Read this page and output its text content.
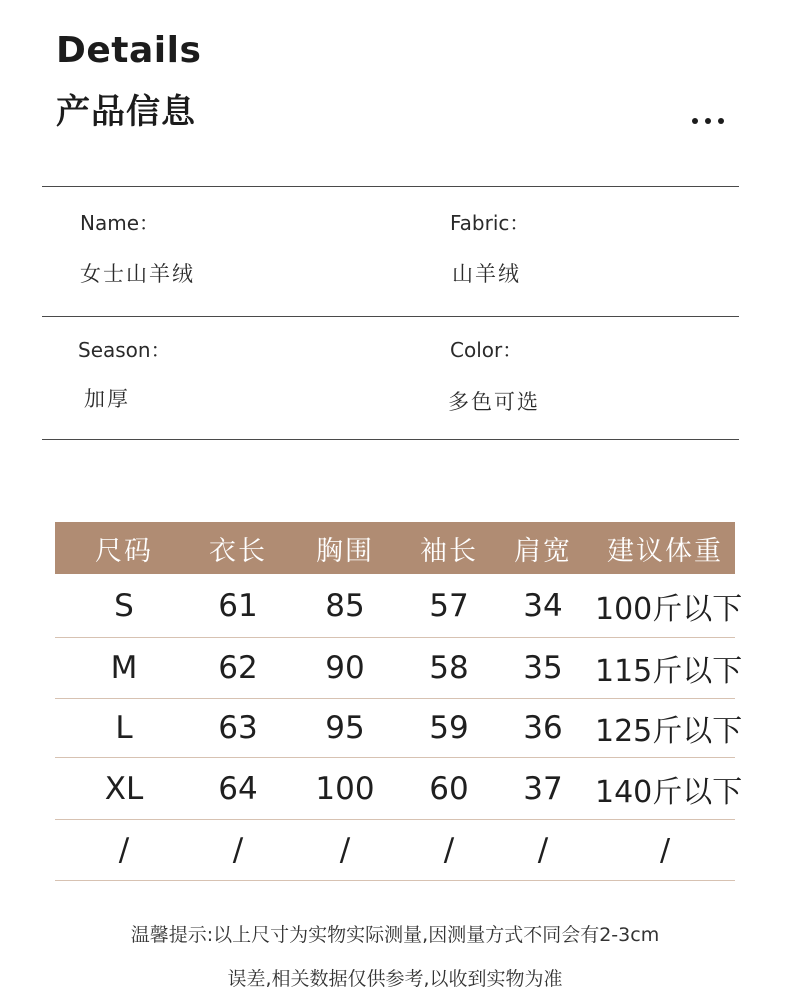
Details
产品信息
Name：
女士山羊绒
Fabric：
山羊绒
Season：
加厚
Color：
多色可选
尺码	衣长	胸围	袖长	肩宽	建议体重
S	61	85	57	34	100斤以下
M	62	90	58	35	115斤以下
L	63	95	59	36	125斤以下
XL	64	100	60	37	140斤以下
/	/	/	/	/	/
温馨提示:以上尺寸为实物实际测量,因测量方式不同会有2-3cm
误差,相关数据仅供参考,以收到实物为准
